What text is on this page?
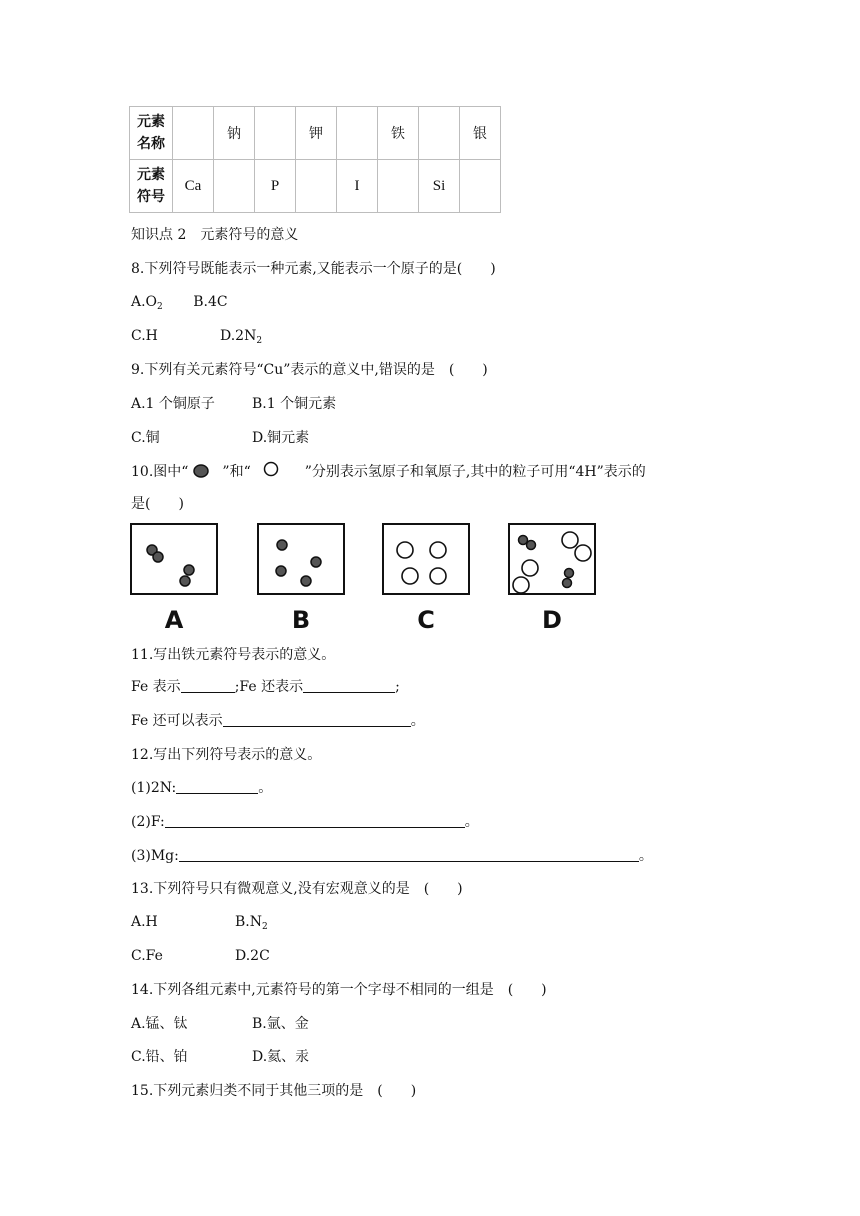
元素
名称		钠		钾		铁		银
元素
符号	Ca		P		I		Si	
知识点 2　元素符号的意义
8.下列符号既能表示一种元素,又能表示一个原子的是(　　)
$A.O_2$ B.4C
C.H	$D.2N_2$
9.下列有关元素符号“Cu”表示的意义中,错误的是　(　　)
A.1 个铜原子	B.1 个铜元素
C.铜	D.铜元素
10.图中“ ”和“	”分别表示氢原子和氧原子,其中的粒子可用“4H”表示的
是(　　)
A	B	C	D
11.写出铁元素符号表示的意义。
Fe 表示	;Fe 还表示	;
Fe 还可以表示	。
12.写出下列符号表示的意义。
(1)2N:	。
(2)F:	。
(3)Mg:	。
13.下列符号只有微观意义,没有宏观意义的是　(　　)
A.H	$B.N_2$
C.Fe	D.2C
14.下列各组元素中,元素符号的第一个字母不相同的一组是　(　　)
A.锰、钛	B.氩、金
C.铅、铂	D.氦、汞
15.下列元素归类不同于其他三项的是　(　　)
